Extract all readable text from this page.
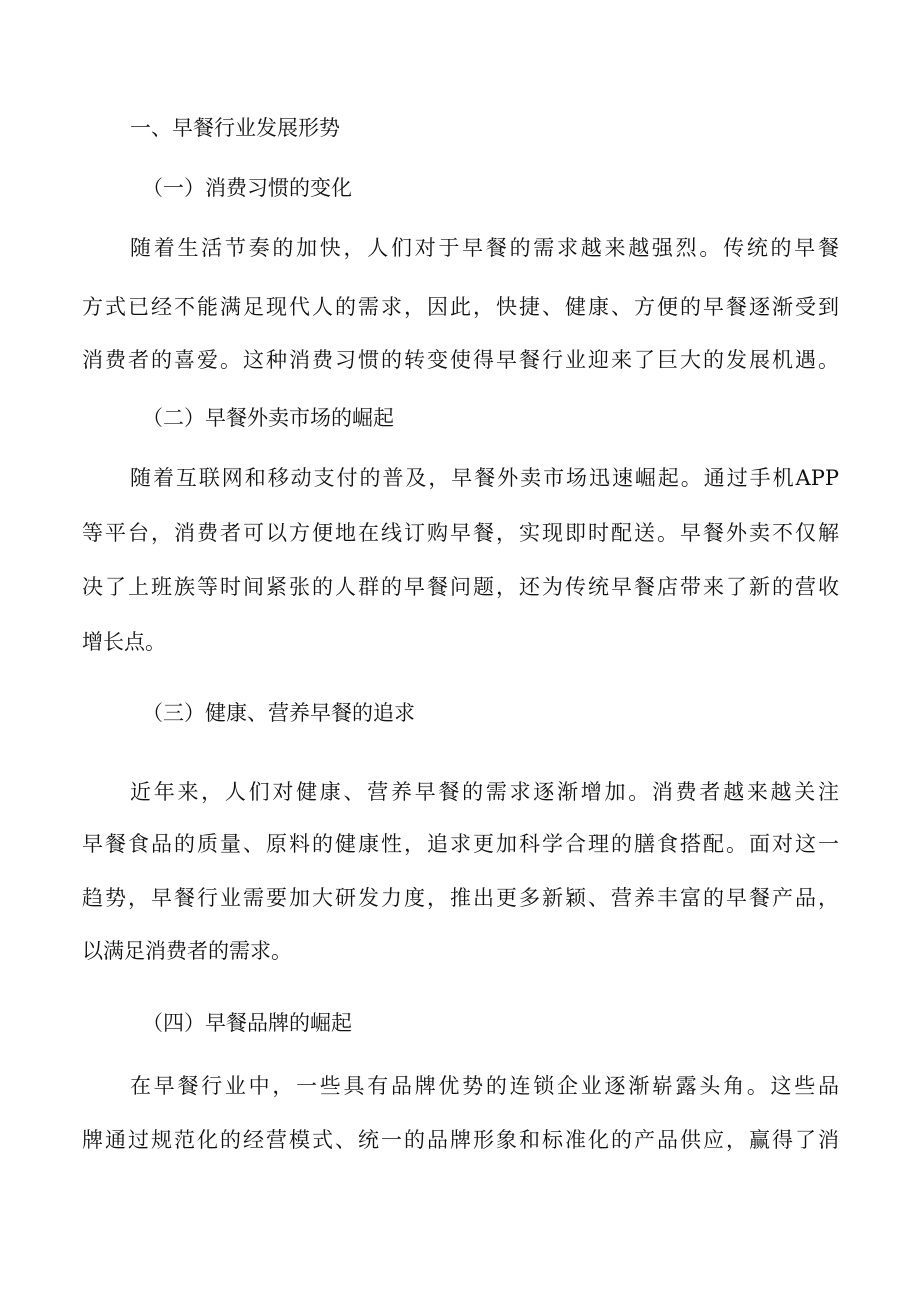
一、早餐行业发展形势

（一）消费习惯的变化

随着生活节奏的加快，人们对于早餐的需求越来越强烈。传统的早餐

方式已经不能满足现代人的需求，因此，快捷、健康、方便的早餐逐渐受到

消费者的喜爱。这种消费习惯的转变使得早餐行业迎来了巨大的发展机遇。

（二）早餐外卖市场的崛起

随着互联网和移动支付的普及，早餐外卖市场迅速崛起。通过手机APP

等平台，消费者可以方便地在线订购早餐，实现即时配送。早餐外卖不仅解

决了上班族等时间紧张的人群的早餐问题，还为传统早餐店带来了新的营收

增长点。

（三）健康、营养早餐的追求

近年来，人们对健康、营养早餐的需求逐渐增加。消费者越来越关注

早餐食品的质量、原料的健康性，追求更加科学合理的膳食搭配。面对这一

趋势，早餐行业需要加大研发力度，推出更多新颖、营养丰富的早餐产品，

以满足消费者的需求。

（四）早餐品牌的崛起

在早餐行业中，一些具有品牌优势的连锁企业逐渐崭露头角。这些品

牌通过规范化的经营模式、统一的品牌形象和标准化的产品供应，赢得了消
